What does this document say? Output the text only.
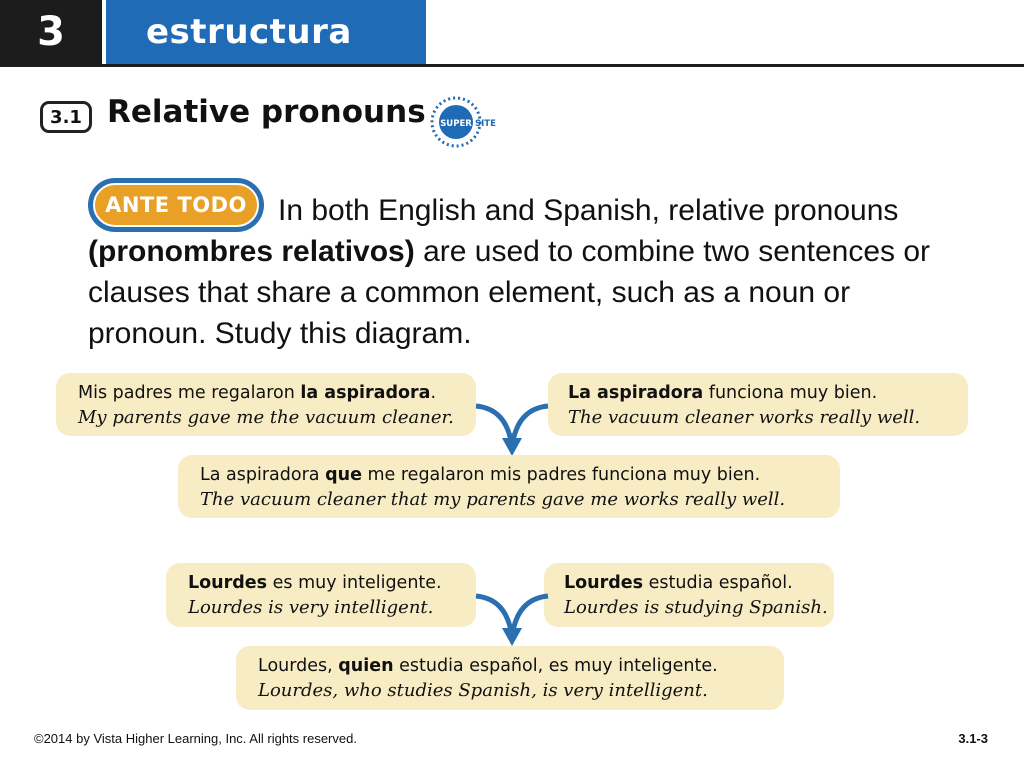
3	estructura
3.1 Relative pronouns SUPER SITE
SUPERSITE
ANTE TODO	In both English and Spanish, relative pronouns (pronombres relativos) are used to combine two sentences or clauses that share a common element, such as a noun or pronoun. Study this diagram.

Mis padres me regalaron la aspiradora.
My parents gave me the vacuum cleaner.
La aspiradora funciona muy bien.
The vacuum cleaner works really well.
La aspiradora que me regalaron mis padres funciona muy bien.
The vacuum cleaner that my parents gave me works really well.
Lourdes es muy inteligente.
Lourdes is very intelligent.
Lourdes estudia español.
Lourdes is studying Spanish.
Lourdes, quien estudia español, es muy inteligente.
Lourdes, who studies Spanish, is very intelligent.
©2014 by Vista Higher Learning, Inc. All rights reserved.	3.1-3
